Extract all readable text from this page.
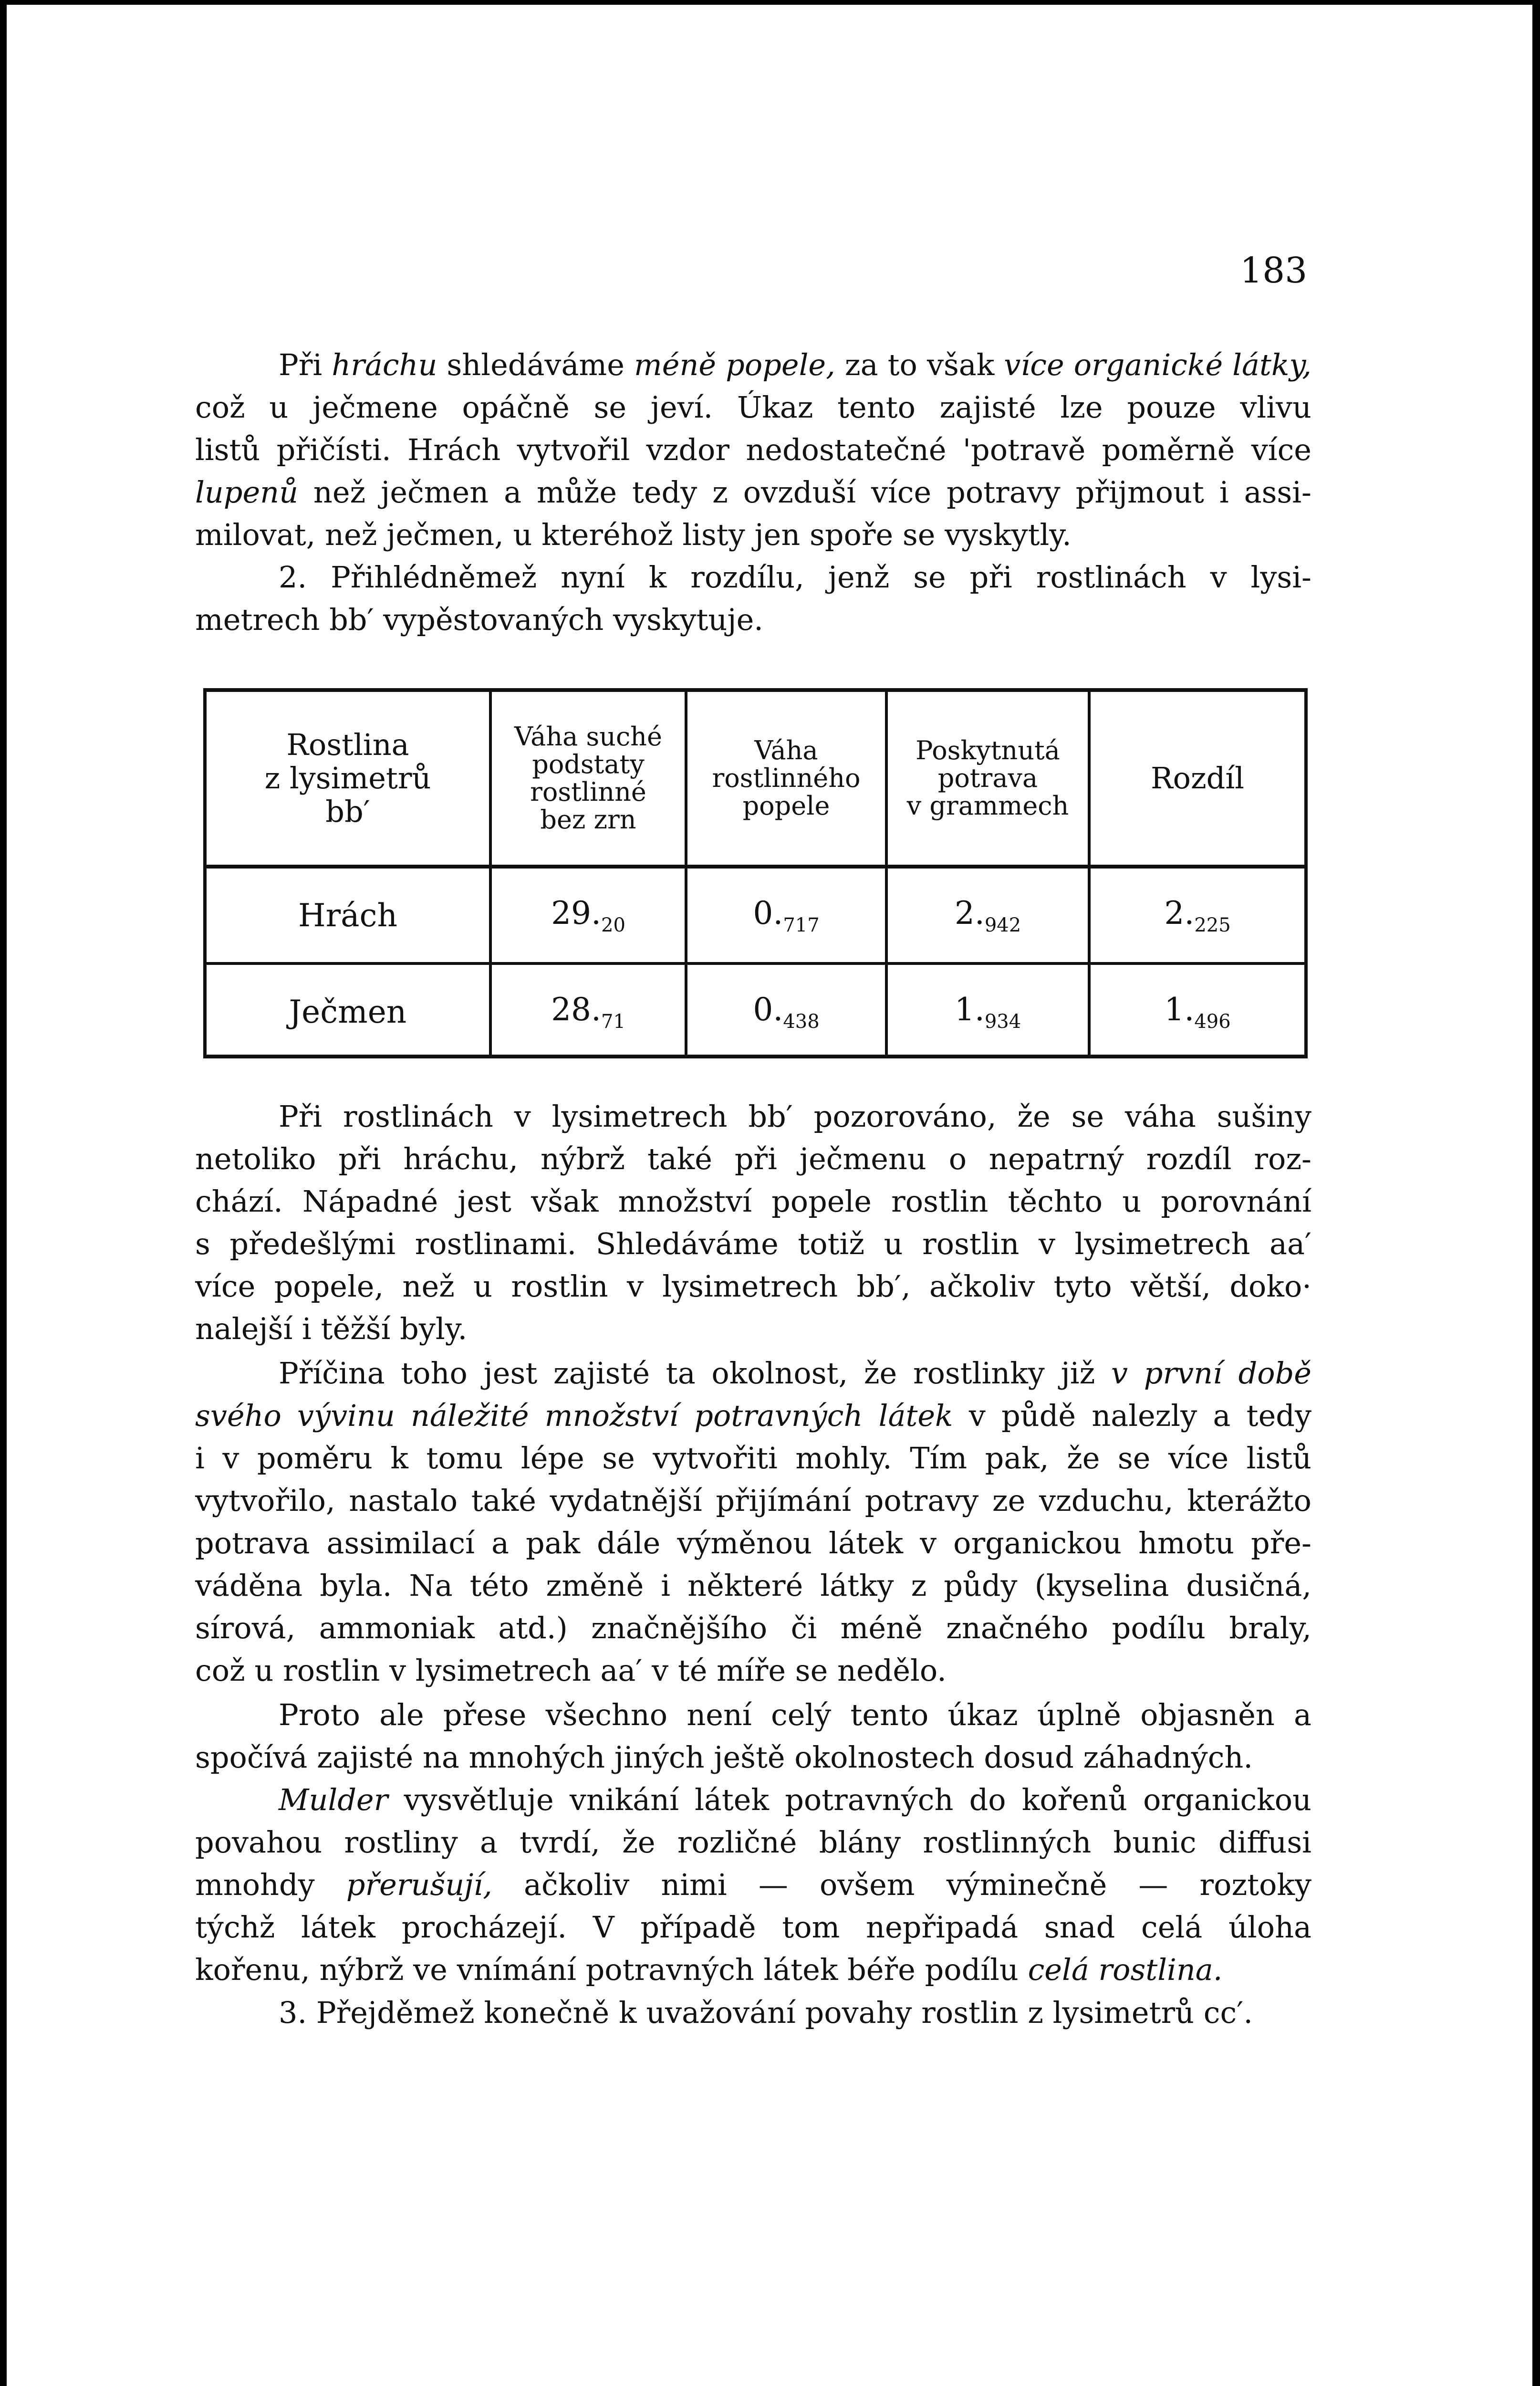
183
Při hráchu shledáváme méně popele, za to však více organické látky,
což u ječmene opáčně se jeví. Úkaz tento zajisté lze pouze vlivu
listů přičísti. Hrách vytvořil vzdor nedostatečné 'potravě poměrně více
lupenů než ječmen a může tedy z ovzduší více potravy přijmout i assi-
milovat, než ječmen, u kteréhož listy jen spoře se vyskytly.
2. Přihlédněmež nyní k rozdílu, jenž se při rostlinách v lysi-
metrech bb′ vypěstovaných vyskytuje.
Rostlina
z lysimetrů
bb′	Váha suché
podstaty
rostlinné
bez zrn	Váha
rostlinného
popele	Poskytnutá
potrava
v grammech	Rozdíl

Hrách	$29._{20}$	$0._{717}$	$2._{942}$	$2._{225}$
Ječmen	$28._{71}$	$0._{438}$	$1._{934}$	$1._{496}$
Při rostlinách v lysimetrech bb′ pozorováno, že se váha sušiny
netoliko při hráchu, nýbrž také při ječmenu o nepatrný rozdíl roz-
chází. Nápadné jest však množství popele rostlin těchto u porovnání
s předešlými rostlinami. Shledáváme totiž u rostlin v lysimetrech aa′
více popele, než u rostlin v lysimetrech bb′, ačkoliv tyto větší, doko·
nalejší i těžší byly.
Příčina toho jest zajisté ta okolnost, že rostlinky již v první době
svého vývinu náležité množství potravných látek v půdě nalezly a tedy
i v poměru k tomu lépe se vytvořiti mohly. Tím pak, že se více listů
vytvořilo, nastalo také vydatnější přijímání potravy ze vzduchu, kterážto
potrava assimilací a pak dále výměnou látek v organickou hmotu pře-
váděna byla. Na této změně i některé látky z půdy (kyselina dusičná,
sírová, ammoniak atd.) značnějšího či méně značného podílu braly,
což u rostlin v lysimetrech aa′ v té míře se nedělo.
Proto ale přese všechno není celý tento úkaz úplně objasněn a
spočívá zajisté na mnohých jiných ještě okolnostech dosud záhadných.
Mulder vysvětluje vnikání látek potravných do kořenů organickou
povahou rostliny a tvrdí, že rozličné blány rostlinných bunic diffusi
mnohdy přerušují, ačkoliv nimi — ovšem výminečně — roztoky
týchž látek procházejí. V případě tom nepřipadá snad celá úloha
kořenu, nýbrž ve vnímání potravných látek béře podílu celá rostlina.
3. Přejděmež konečně k uvažování povahy rostlin z lysimetrů cc′.
